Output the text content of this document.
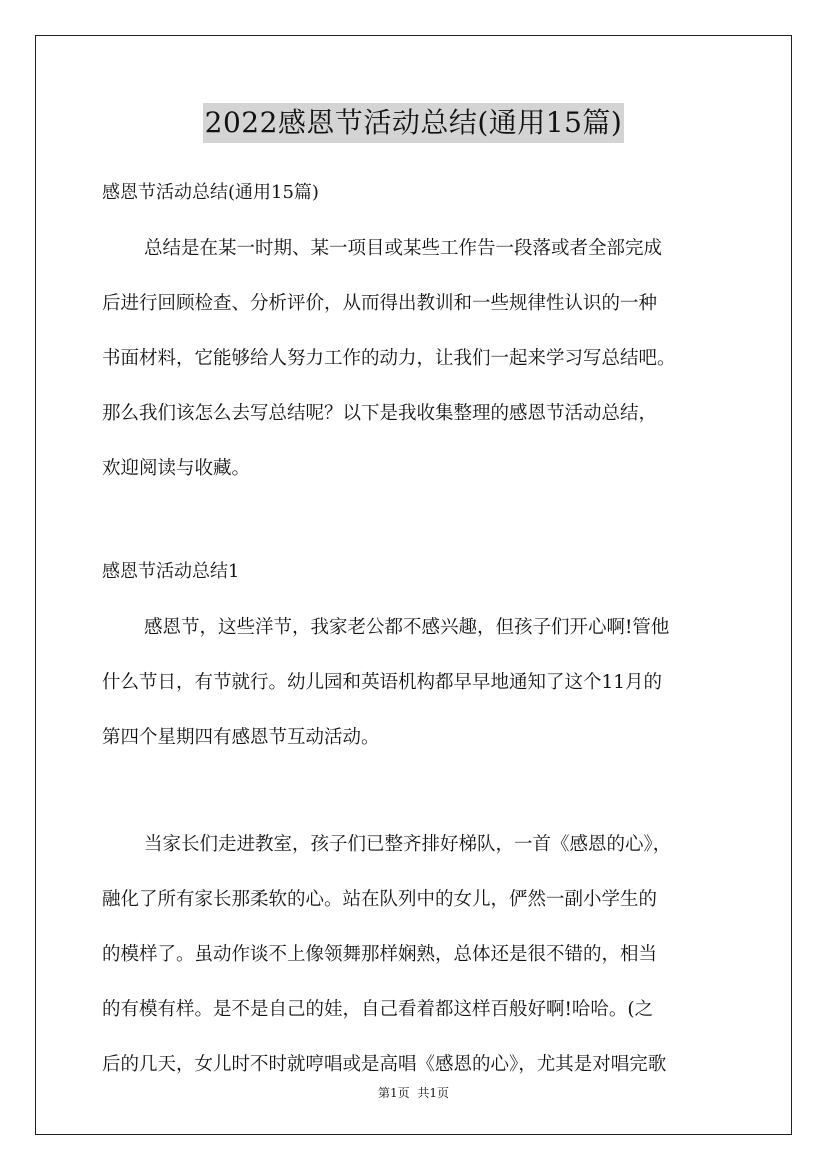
2022感恩节活动总结(通用15篇)
感恩节活动总结(通用15篇)
总结是在某一时期、某一项目或某些工作告一段落或者全部完成
后进行回顾检查、分析评价，从而得出教训和一些规律性认识的一种
书面材料，它能够给人努力工作的动力，让我们一起来学习写总结吧。
那么我们该怎么去写总结呢？以下是我收集整理的感恩节活动总结，
欢迎阅读与收藏。
感恩节活动总结1
感恩节，这些洋节，我家老公都不感兴趣，但孩子们开心啊!管他
什么节日，有节就行。幼儿园和英语机构都早早地通知了这个11月的
第四个星期四有感恩节互动活动。
当家长们走进教室，孩子们已整齐排好梯队，一首《感恩的心》，
融化了所有家长那柔软的心。站在队列中的女儿，俨然一副小学生的
的模样了。虽动作谈不上像领舞那样娴熟，总体还是很不错的，相当
的有模有样。是不是自己的娃，自己看着都这样百般好啊!哈哈。(之
后的几天，女儿时不时就哼唱或是高唱《感恩的心》，尤其是对唱完歌
第1页 共1页
